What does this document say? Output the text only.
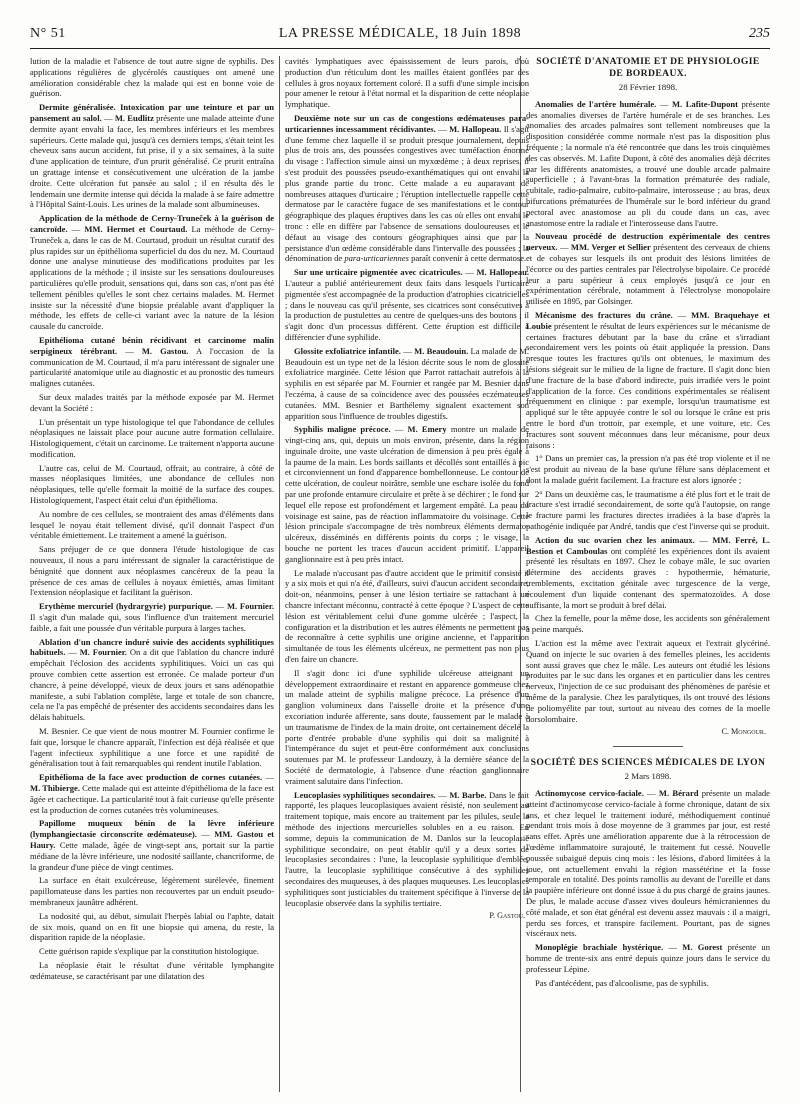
N° 51	LA PRESSE MÉDICALE, 18 Juin 1898	235

lution de la maladie et l'absence de tout autre signe de syphilis. Des applications régulières de glycérolés caustiques ont amené une amélioration considérable chez la malade qui est en bonne voie de guérison.

Dermite généralisée. Intoxication par une teinture et par un pansement au salol. — M. Eudlitz présente une malade atteinte d'une dermite ayant envahi la face, les membres inférieurs et les membres supérieurs. Cette malade qui, jusqu'à ces derniers temps, s'était teint les cheveux sans aucun accident, fut prise, il y a six semaines, à la suite d'une application de teinture, d'un prurit généralisé. Ce prurit entraîna un grattage intense et consécutivement une ulcération de la jambe droite. Cette ulcération fut pansée au salol ; il en résulta dès le lendemain une dermite intense qui décida la malade à se faire admettre à l'Hôpital Saint-Louis. Les urines de la malade sont albumineuses.

Application de la méthode de Cerny-Truneček à la guérison de cancroïde. — MM. Hermet et Courtaud. La méthode de Cerny-Truneček a, dans le cas de M. Courtaud, produit un résultat curatif des plus rapides sur un épithélioma superficiel du dos du nez. M. Courtaud donne une analyse minutieuse des modifications produites par les applications de la méthode ; il insiste sur les sensations douloureuses particulières qu'elle produit, sensations qui, dans son cas, n'ont pas été tellement pénibles qu'elles le sont chez certains malades. M. Hermet insiste sur la nécessité d'une biopsie préalable avant d'appliquer la méthode, les effets de celle-ci variant avec la nature de la lésion causale du cancroïde.

Epithélioma cutané bénin récidivant et carcinome malin serpigineux térébrant. — M. Gastou. A l'occasion de la communication de M. Courtaud, il m'a paru intéressant de signaler une particularité anatomique utile au diagnostic et au pronostic des tumeurs malignes cutanées.

Sur deux malades traités par la méthode exposée par M. Hermet devant la Société :

L'un présentait un type histologique tel que l'abondance de cellules néoplasiques ne laissait place pour aucune autre formation cellulaire. Histologiquement, c'était un carcinome. Le traitement n'apporta aucune modification.

L'autre cas, celui de M. Courtaud, offrait, au contraire, à côté de masses néoplasiques limitées, une abondance de cellules non néoplasiques, telle qu'elle formait la moitié de la surface des coupes. Histologiquement, l'aspect était celui d'un épithélioma.

Au nombre de ces cellules, se montraient des amas d'éléments dans lesquel le noyau était tellement divisé, qu'il donnait l'aspect d'un véritable émiettement. Le traitement a amené la guérison.

Sans préjuger de ce que donnera l'étude histologique de cas nouveaux, il nous a paru intéressant de signaler la caractéristique de bénignité que donnent aux néoplasmes cancéreux de la peau la présence de ces amas de cellules à noyaux émiettés, amas limitant l'extension néoplasique et facilitant la guérison.

Erythème mercuriel (hydrargyrie) purpurique. — M. Fournier. Il s'agit d'un malade qui, sous l'influence d'un traitement mercuriel faible, a fait une poussée d'un véritable purpura à larges taches.

Ablation d'un chancre induré suivie des accidents syphilitiques habituels. — M. Fournier. On a dit que l'ablation du chancre induré empêchait l'éclosion des accidents syphilitiques. Voici un cas qui prouve combien cette assertion est erronée. Ce malade porteur d'un chancre, à peine développé, vieux de deux jours et sans adénopathie manifeste, a subi l'ablation complète, large et totale de son chancre, cela ne l'a pas empêché de présenter des accidents secondaires dans les délais habituels.

M. Besnier. Ce que vient de nous montrer M. Fournier confirme le fait que, lorsque le chancre apparaît, l'infection est déjà réalisée et que l'agent infectieux syphilitique a une force et une rapidité de généralisation tout à fait remarquables qui rendent inutile l'ablation.

Epithélioma de la face avec production de cornes cutanées. — M. Thibierge. Cette malade qui est atteinte d'épithélioma de la face est âgée et cachectique. La particularité tout à fait curieuse qu'elle présente est la production de cornes cutanées très volumineuses.

Papillome muqueux bénin de la lèvre inférieure (lymphangiectasie circonscrite œdémateuse). — MM. Gastou et Haury. Cette malade, âgée de vingt-sept ans, portait sur la partie médiane de la lèvre inférieure, une nodosité saillante, chancriforme, de la grandeur d'une pièce de vingt centimes.

La surface en était exulcéreuse, légèrement surélevée, finement papillomateuse dans les parties non recouvertes par un enduit pseudo-membraneux jaunâtre adhérent.

La nodosité qui, au début, simulait l'herpès labial ou l'aphte, datait de six mois, quand on en fit une biopsie qui amena, du reste, la disparition rapide de la néoplasie.

Cette guérison rapide s'explique par la constitution histologique.

La néoplasie était le résultat d'une véritable lymphangite œdémateuse, se caractérisant par une dilatation des

cavités lymphatiques avec épaississement de leurs parois, d'où production d'un réticulum dont les mailles étaient gonflées par des cellules à gros noyaux fortement coloré. Il a suffi d'une simple incision pour amener le retour à l'état normal et la disparition de cette néoplasie lymphatique.

Deuxième note sur un cas de congestions œdémateuses para-urticariennes incessamment récidivantes. — M. Hallopeau. Il s'agit d'une femme chez laquelle il se produit presque journalement, depuis plus de trois ans, des poussées congestives avec tuméfaction énorme du visage : l'affection simule ainsi un myxœdème ; à deux reprises, il s'est produit des poussées pseudo-exanthématiques qui ont envahi la plus grande partie du tronc. Cette malade a eu auparavant de nombreuses attaques d'urticaire ; l'éruption intellectuelle rappelle cette dermatose par le caractère fugace de ses manifestations et le contour géographique des plaques éruptives dans les cas où elles ont envahi le tronc : elle en diffère par l'absence de sensations douloureuses et le défaut au visage des contours géographiques ainsi que par la persistance d'un œdème considérable dans l'intervalle des poussées ; la dénomination de para-urticariennes paraît convenir à cette dermatose.

Sur une urticaire pigmentée avec cicatricules. — M. Hallopeau. L'auteur a publié antérieurement deux faits dans lesquels l'urticaire pigmentée s'est accompagnée de la production d'atrophies cicatricielles ; dans le nouveau cas qu'il présente, ses cicatrices sont consécutives à la production de pustulettes au centre de quelques-uns des boutons ; il s'agit donc d'un processus différent. Cette éruption est difficile à différencier d'une syphilide.

Glossite exfoliatrice infantile. — M. Beaudouin. La malade de M. Beaudouin est un type net de la lésion décrite sous le nom de glossite exfoliatrice marginée. Cette lésion que Parrot rattachait autrefois à la syphilis en est séparée par M. Fournier et rangée par M. Besnier dans l'eczéma, à cause de sa coïncidence avec des poussées eczémateuses cutanées. MM. Besnier et Barthélemy signalent exactement son apparition sous l'influence de troubles digestifs.

Syphilis maligne précoce. — M. Emery montre un malade de vingt-cinq ans, qui, depuis un mois environ, présente, dans la région inguinale droite, une vaste ulcération de dimension à peu près égale à la paume de la main. Les bords saillants et décollés sont entaillés à pic et circonviennent un fond d'apparence bombellonneuse. Le contour de cette ulcération, de couleur noirâtre, semble une eschare isolée du fond par une profonde entamure circulaire et prête à se déchirer ; le fond sur lequel elle repose est profondément et largement empâté. La peau du voisinage est saine, pas de réaction inflammatoire du voisinage. Cette lésion principale s'accompagne de très nombreux éléments dermato-ulcéreux, disséminés en différents points du corps ; le visage, la bouche ne portent les traces d'aucun accident primitif. L'appareil ganglionnaire est à peu près intact.

Le malade n'accusant pas d'autre accident que le primitif consisté il y a six mois et qui n'a été, d'ailleurs, suivi d'aucun accident secondaire, doit-on, néanmoins, penser à une lésion tertiaire se rattachant à un chancre infectant méconnu, contracté à cette époque ? L'aspect de cette lésion est véritablement celui d'une gomme ulcérée ; l'aspect, la configuration et la distribution et les autres éléments ne permettent pas de reconnaître à cette syphilis une origine ancienne, et l'apparition simultanée de tous les éléments ulcéreux, ne permettent pas non plus d'en faire un chancre.

Il s'agit donc ici d'une syphilide ulcéreuse atteignant un développement extraordinaire et restant en apparence gommeuse chez un malade atteint de syphilis maligne précoce. La présence d'un ganglion volumineux dans l'aisselle droite et la présence d'une excoriation indurée afferente, sans doute, faussement par le malade à un traumatisme de l'index de la main droite, ont certainement décelé la porte d'entrée probable d'une syphilis qui doit sa malignité à l'intempérance du sujet et peut-être conformément aux conclusions soutenues par M. le professeur Landouzy, à la dernière séance de la Société de dermatologie, à l'absence d'une réaction ganglionnaire vraiment salutaire dans l'infection.

Leucoplasies syphilitiques secondaires. — M. Barbe. Dans le fait rapporté, les plaques leucoplasiques avaient résisté, non seulement au traitement topique, mais encore au traitement par les pilules, seule la méthode des injections mercurielles solubles en a eu raison. En somme, depuis la communication de M. Danlos sur la leucoplasie syphilitique secondaire, on peut établir qu'il y a deux sortes de leucoplasies secondaires : l'une, la leucoplasie syphilitique d'emblée, l'autre, la leucoplasie syphilitique consécutive à des syphilides secondaires des muqueuses, à des plaques muqueuses. Les leucoplasies syphilitiques sont justiciables du traitement spécifique à l'inverse de la leucoplasie observée dans la syphilis tertiaire.

P. Gastou.
SOCIÉTÉ D'ANATOMIE ET DE PHYSIOLOGIE
DE BORDEAUX.
28 Février 1898.

Anomalies de l'artère humérale. — M. Lafite-Dupont présente des anomalies diverses de l'artère humérale et de ses branches. Les anomalies des arcades palmaires sont tellement nombreuses que la disposition considérée comme normale n'est pas la disposition plus fréquente ; la normale n'a été rencontrée que dans les trois cinquièmes des cas observés. M. Lafite Dupont, à côté des anomalies déjà décrites par les différents anatomistes, a trouvé une double arcade palmaire superficielle ; à l'avant-bras la formation prématurée des radiale, cubitale, radio-palmaire, cubito-palmaire, interosseuse ; au bras, deux bifurcations prématurées de l'humérale sur le bord inférieur du grand pectoral avec anastomose au pli du coude dans un cas, avec anastomose entre la radiale et l'interosseuse dans l'autre.

Nouveau procédé de destruction expérimentale des centres nerveux. — MM. Verger et Sellier présentent des cerveaux de chiens et de cobayes sur lesquels ils ont produit des lésions limitées de l'écorce ou des parties centrales par l'électrolyse bipolaire. Ce procédé leur a paru supérieur à ceux employés jusqu'à ce jour en expérimentation cérébrale, notamment à l'électrolyse monopolaire utilisée en 1895, par Golsinger.

Mécanisme des fractures du crâne. — MM. Braquehaye et Loubie présentent le résultat de leurs expériences sur le mécanisme de certaines fractures débutant par la base du crâne et s'irradiant secondairement vers les points où était appliquée la pression. Dans presque toutes les fractures qu'ils ont obtenues, le maximum des lésions siégeait sur le milieu de la ligne de fracture. Il s'agit donc bien d'une fracture de la base d'abord indirecte, puis irradiée vers le point d'application de la force. Ces conditions expérimentales se réalisent fréquemment en clinique : par exemple, lorsqu'un traumatisme est appliqué sur le tête appuyée contre le sol ou lorsque le crâne est pris entre le bord d'un trottoir, par exemple, et une voiture, etc. Ces fractures sont souvent méconnues dans leur mécanisme, pour deux raisons :

1° Dans un premier cas, la pression n'a pas été trop violente et il ne s'est produit au niveau de la base qu'une fêlure sans déplacement et dont la malade guérit facilement. La fracture est alors ignorée ;

2° Dans un deuxième cas, le traumatisme a été plus fort et le trait de fracture s'est irradié secondairement, de sorte qu'à l'autopsie, on range le fracture parmi les fractures directes irradiées à la base d'après la pathogénie indiquée par André, tandis que c'est l'inverse qui se produit.

Action du suc ovarien chez les animaux. — MM. Ferré, L. Bestion et Camboulas ont complété les expériences dont ils avaient présenté les résultats en 1897. Chez le cobaye mâle, le suc ovarien détermine des accidents graves : hypothermie, hématurie, tremblements, excitation génitale avec turgescence de la verge, écoulement d'un liquide contenant des spermatozoïdes. A dose suffisante, la mort se produit à bref délai.

Chez la femelle, pour la même dose, les accidents son généralement à peine marqués.

L'action est la même avec l'extrait aqueux et l'extrait glycériné. Quand on injecte le suc ovarien à des femelles pleines, les accidents sont aussi graves que chez le mâle. Les auteurs ont étudié les lésions produites par le suc dans les organes et en particulier dans les centres nerveux, l'injection de ce suc produisant des phénomènes de parésie et même de la paralysie. Chez les paralytiques, ils ont trouvé des lésions de poliomyélite par tout, surtout au niveau des cornes de la moelle dorsolombaire.

C. Mongour.
SOCIÉTÉ DES SCIENCES MÉDICALES DE LYON
2 Mars 1898.

Actinomycose cervico-faciale. — M. Bérard présente un malade atteint d'actinomycose cervico-faciale à forme chronique, datant de six ans, et chez lequel le traitement ioduré, méthodiquement continué pendant trois mois à dose moyenne de 3 grammes par jour, est resté sans effet. Après une amélioration apparente due à la rétrocession de l'œdème inflammatoire surajouté, le traitement fut cessé. Nouvelle poussée subaiguë depuis cinq mois : les lésions, d'abord limitées à la joue, ont actuellement envahi la région massétérine et la fosse temporale en totalité. Des points ramollis au devant de l'oreille et dans la paupière inférieure ont donné issue à du pus chargé de grains jaunes. De plus, le malade accuse d'assez vives douleurs hémicraniennes du côté malade, et son état général est devenu assez mauvais : il a maigri, perdu ses forces, et transpire facilement. Pourtant, pas de signes viscéraux nets.

Monoplégie brachiale hystérique. — M. Gorest présente un homme de trente-six ans entré depuis quinze jours dans le service du professeur Lépine.

Pas d'antécédent, pas d'alcoolisme, pas de syphilis.
